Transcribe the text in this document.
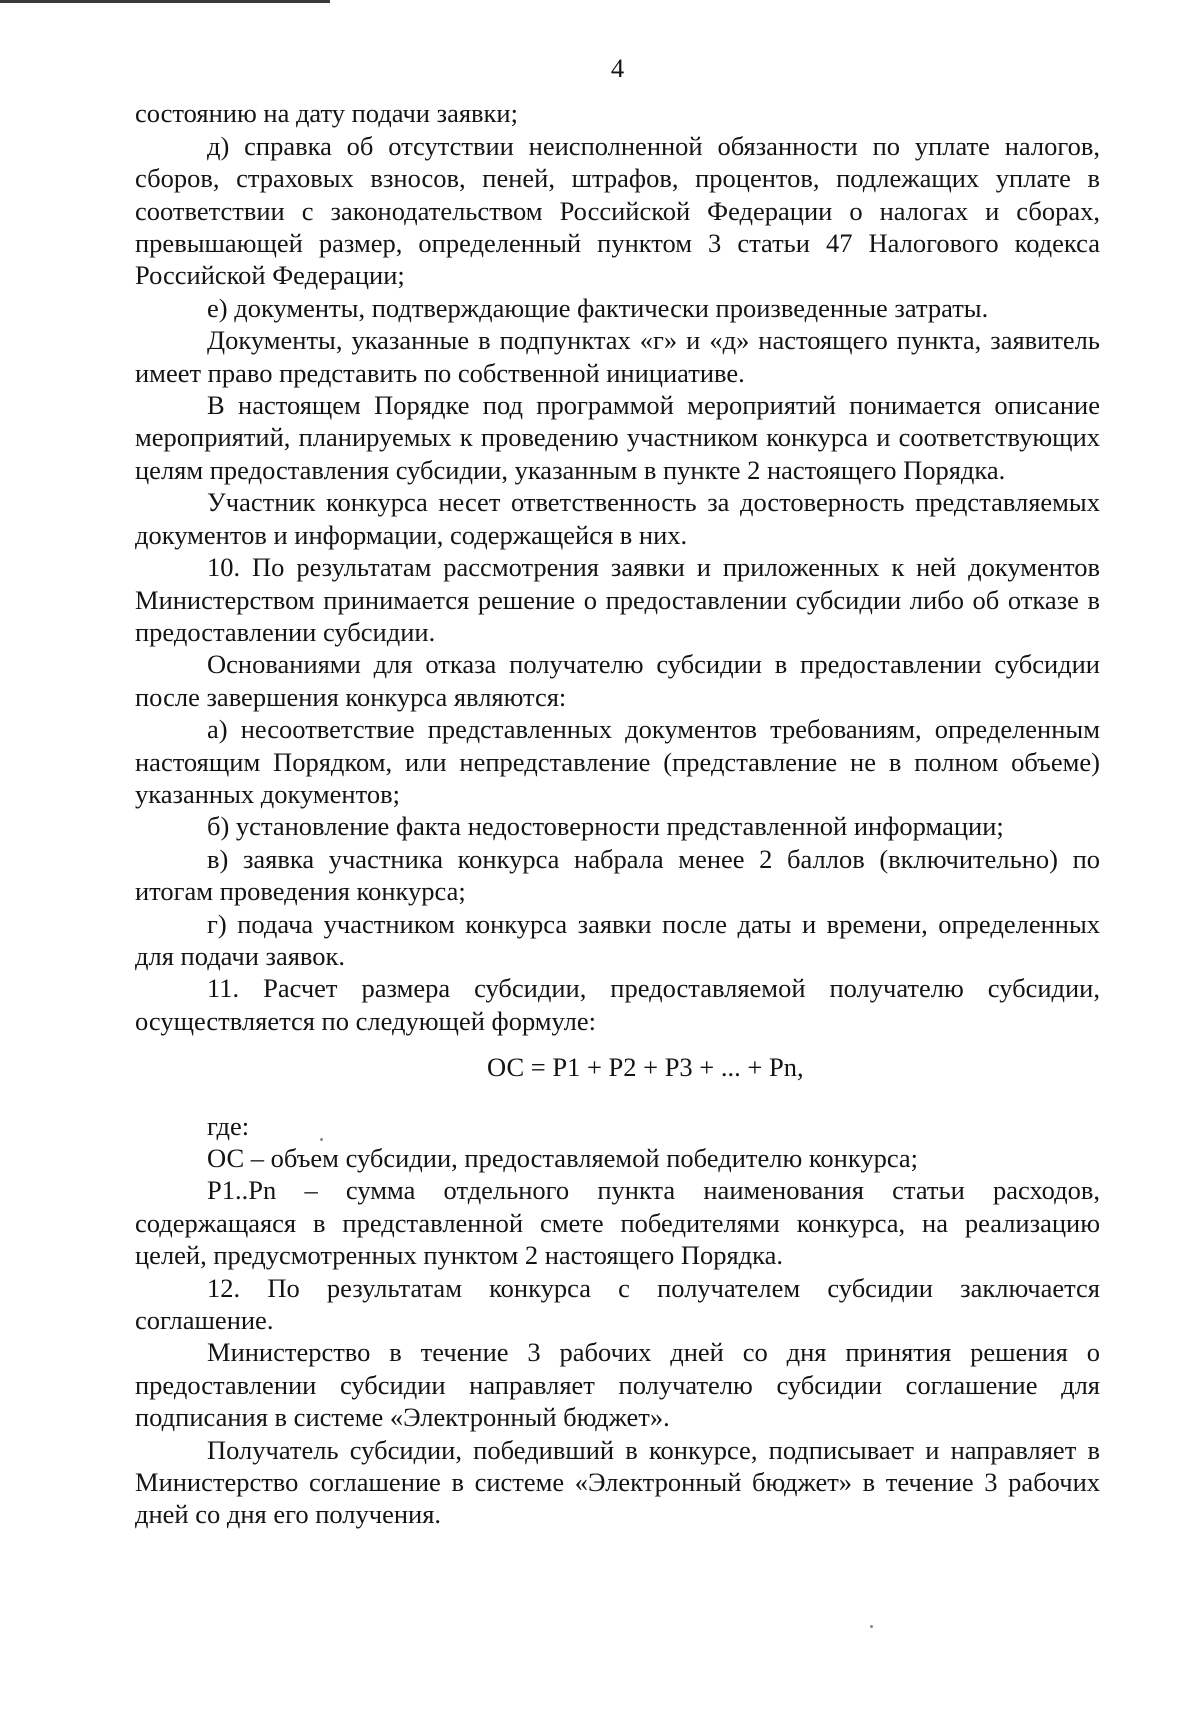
4

состоянию на дату подачи заявки;

д) справка об отсутствии неисполненной обязанности по уплате налогов, сборов, страховых взносов, пеней, штрафов, процентов, подлежащих уплате в соответствии с законодательством Российской Федерации о налогах и сборах, превышающей размер, определенный пунктом 3 статьи 47 Налогового кодекса Российской Федерации;

е) документы, подтверждающие фактически произведенные затраты.

Документы, указанные в подпунктах «г» и «д» настоящего пункта, заявитель имеет право представить по собственной инициативе.

В настоящем Порядке под программой мероприятий понимается описание мероприятий, планируемых к проведению участником конкурса и соответствующих целям предоставления субсидии, указанным в пункте 2 настоящего Порядка.

Участник конкурса несет ответственность за достоверность представляемых документов и информации, содержащейся в них.

10. По результатам рассмотрения заявки и приложенных к ней документов Министерством принимается решение о предоставлении субсидии либо об отказе в предоставлении субсидии.

Основаниями для отказа получателю субсидии в предоставлении субсидии после завершения конкурса являются:

а) несоответствие представленных документов требованиям, определенным настоящим Порядком, или непредставление (представление не в полном объеме) указанных документов;

б) установление факта недостоверности представленной информации;

в) заявка участника конкурса набрала менее 2 баллов (включительно) по итогам проведения конкурса;

г) подача участником конкурса заявки после даты и времени, определенных для подачи заявок.

11. Расчет размера субсидии, предоставляемой получателю субсидии, осуществляется по следующей формуле:

ОС = Р1 + Р2 + Р3 + ... + Pn,

где:

ОС – объем субсидии, предоставляемой победителю конкурса;

Р1..Рn – сумма отдельного пункта наименования статьи расходов, содержащаяся в представленной смете победителями конкурса, на реализацию целей, предусмотренных пунктом 2 настоящего Порядка.

12. По результатам конкурса с получателем субсидии заключается соглашение.

Министерство в течение 3 рабочих дней со дня принятия решения о предоставлении субсидии направляет получателю субсидии соглашение для подписания в системе «Электронный бюджет».

Получатель субсидии, победивший в конкурсе, подписывает и направляет в Министерство соглашение в системе «Электронный бюджет» в течение 3 рабочих дней со дня его получения.
